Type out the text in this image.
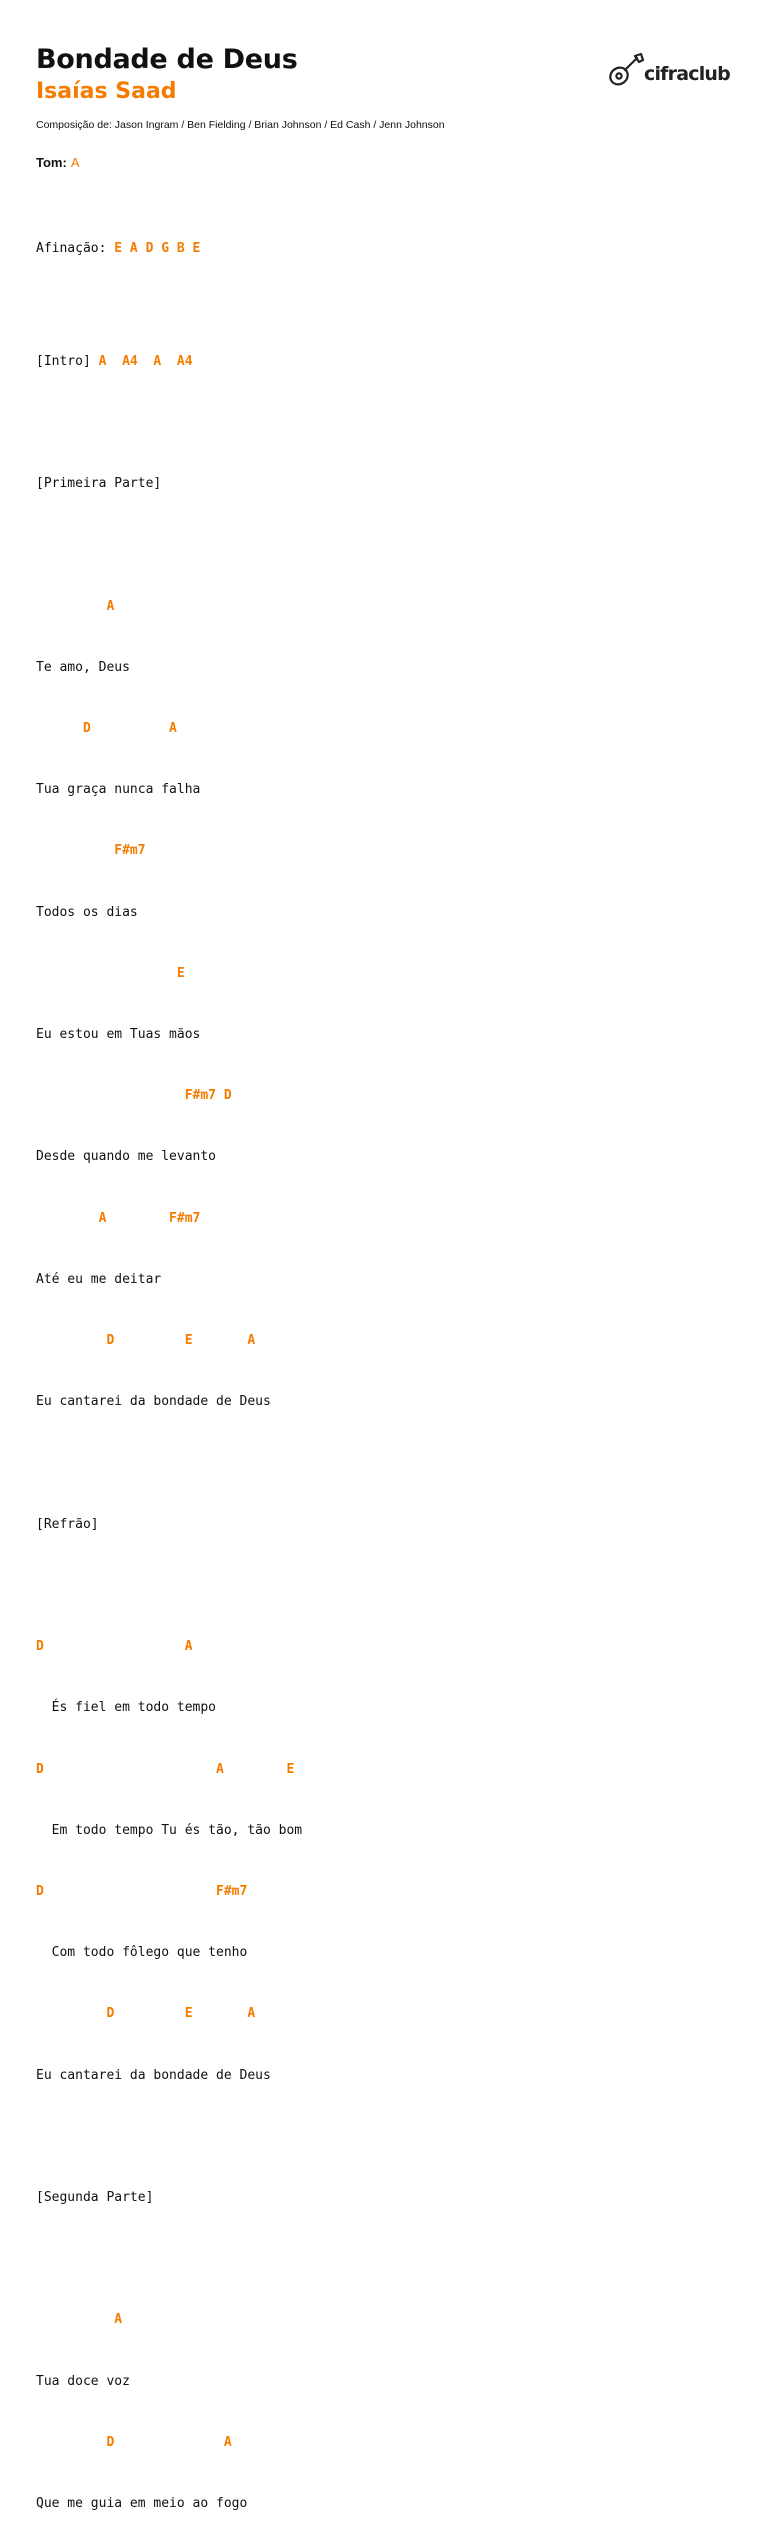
Bondade de Deus
Isaías Saad
cifraclub
Composição de: Jason Ingram / Ben Fielding / Brian Johnson / Ed Cash / Jenn Johnson
Tom: A

Afinação: E A D G B E

[Intro] A  A4  A  A4

[Primeira Parte]

A

Te amo, Deus

D          A

Tua graça nunca falha

F#m7

Todos os dias

E

Eu estou em Tuas mãos

F#m7 D

Desde quando me levanto

A        F#m7

Até eu me deitar

D         E       A

Eu cantarei da bondade de Deus

[Refrão]

D                  A

És fiel em todo tempo

D                      A        E

Em todo tempo Tu és tão, tão bom

D                      F#m7

Com todo fôlego que tenho

D         E       A

Eu cantarei da bondade de Deus

[Segunda Parte]

A

Tua doce voz

D              A

Que me guia em meio ao fogo
